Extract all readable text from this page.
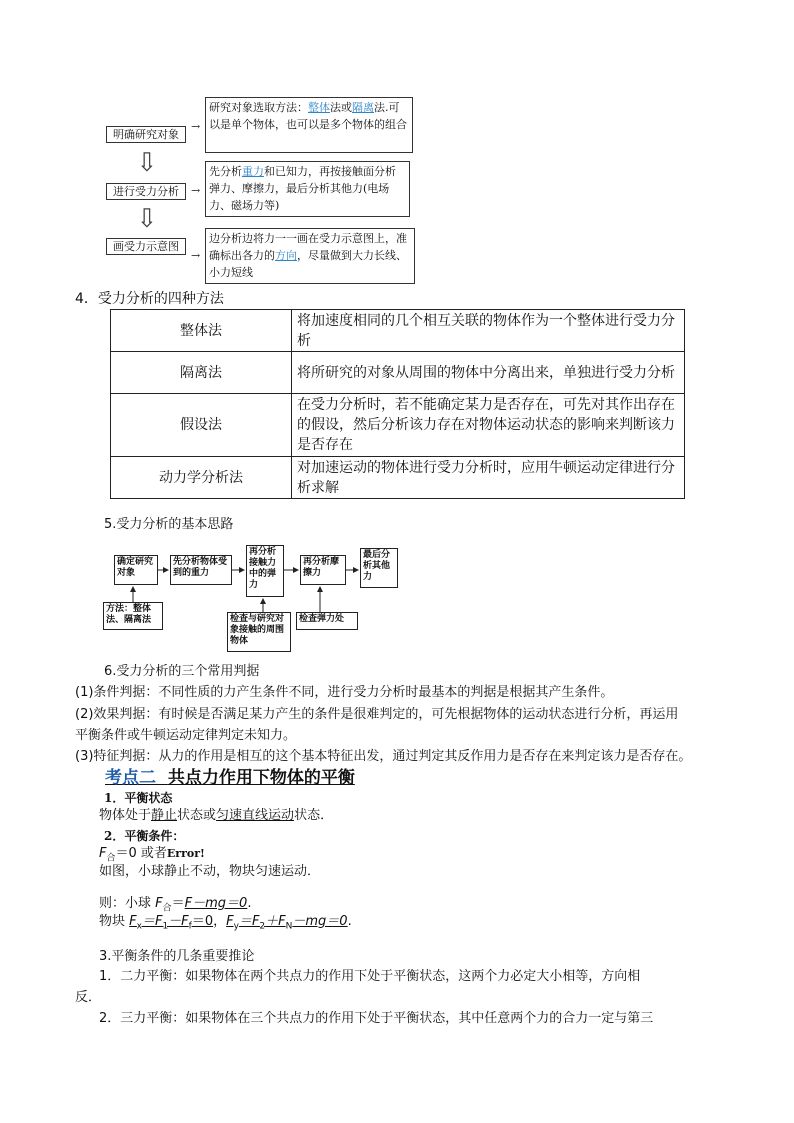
明确研究对象
进行受力分析
画受力示意图
⇩
⇩
→
→
→
研究对象选取方法：整体法或隔离法.可以是单个物体，也可以是多个物体的组合
先分析重力和已知力，再按接触面分析弹力、摩擦力，最后分析其他力(电场力、磁场力等)
边分析边将力一一画在受力示意图上，准确标出各力的方向，尽量做到大力长线、小力短线
4．受力分析的四种方法
整体法	将加速度相同的几个相互关联的物体作为一个整体进行受力分析
隔离法	将所研究的对象从周围的物体中分离出来，单独进行受力分析
假设法	在受力分析时，若不能确定某力是否存在，可先对其作出存在的假设，然后分析该力存在对物体运动状态的影响来判断该力是否存在
动力学分析法	对加速运动的物体进行受力分析时，应用牛顿运动定律进行分析求解
5.受力分析的基本思路
确定研究对象
先分析物体受到的重力
再分析接触力中的弹力
再分析摩擦力
最后分析其他力
方法：整体法、隔离法	检查与研究对象接触的周围物体
检查弹力处
6.受力分析的三个常用判据
(1)条件判据：不同性质的力产生条件不同，进行受力分析时最基本的判据是根据其产生条件。
(2)效果判据：有时候是否满足某力产生的条件是很难判定的，可先根据物体的运动状态进行分析，再运用
平衡条件或牛顿运动定律判定未知力。
(3)特征判据：从力的作用是相互的这个基本特征出发，通过判定其反作用力是否存在来判定该力是否存在。
考点二 共点力作用下物体的平衡
1．平衡状态
物体处于静止状态或匀速直线运动状态．
2．平衡条件：
$F_合=0$ 或者Error!
如图，小球静止不动，物块匀速运动．
则：小球 $F_合=F-mg=0$.
物块 $F_x=F_1-F_f=0$，$F_y=F_2+F_N-mg=0$.
3.平衡条件的几条重要推论
1．二力平衡：如果物体在两个共点力的作用下处于平衡状态，这两个力必定大小相等，方向相
反．
2．三力平衡：如果物体在三个共点力的作用下处于平衡状态，其中任意两个力的合力一定与第三
